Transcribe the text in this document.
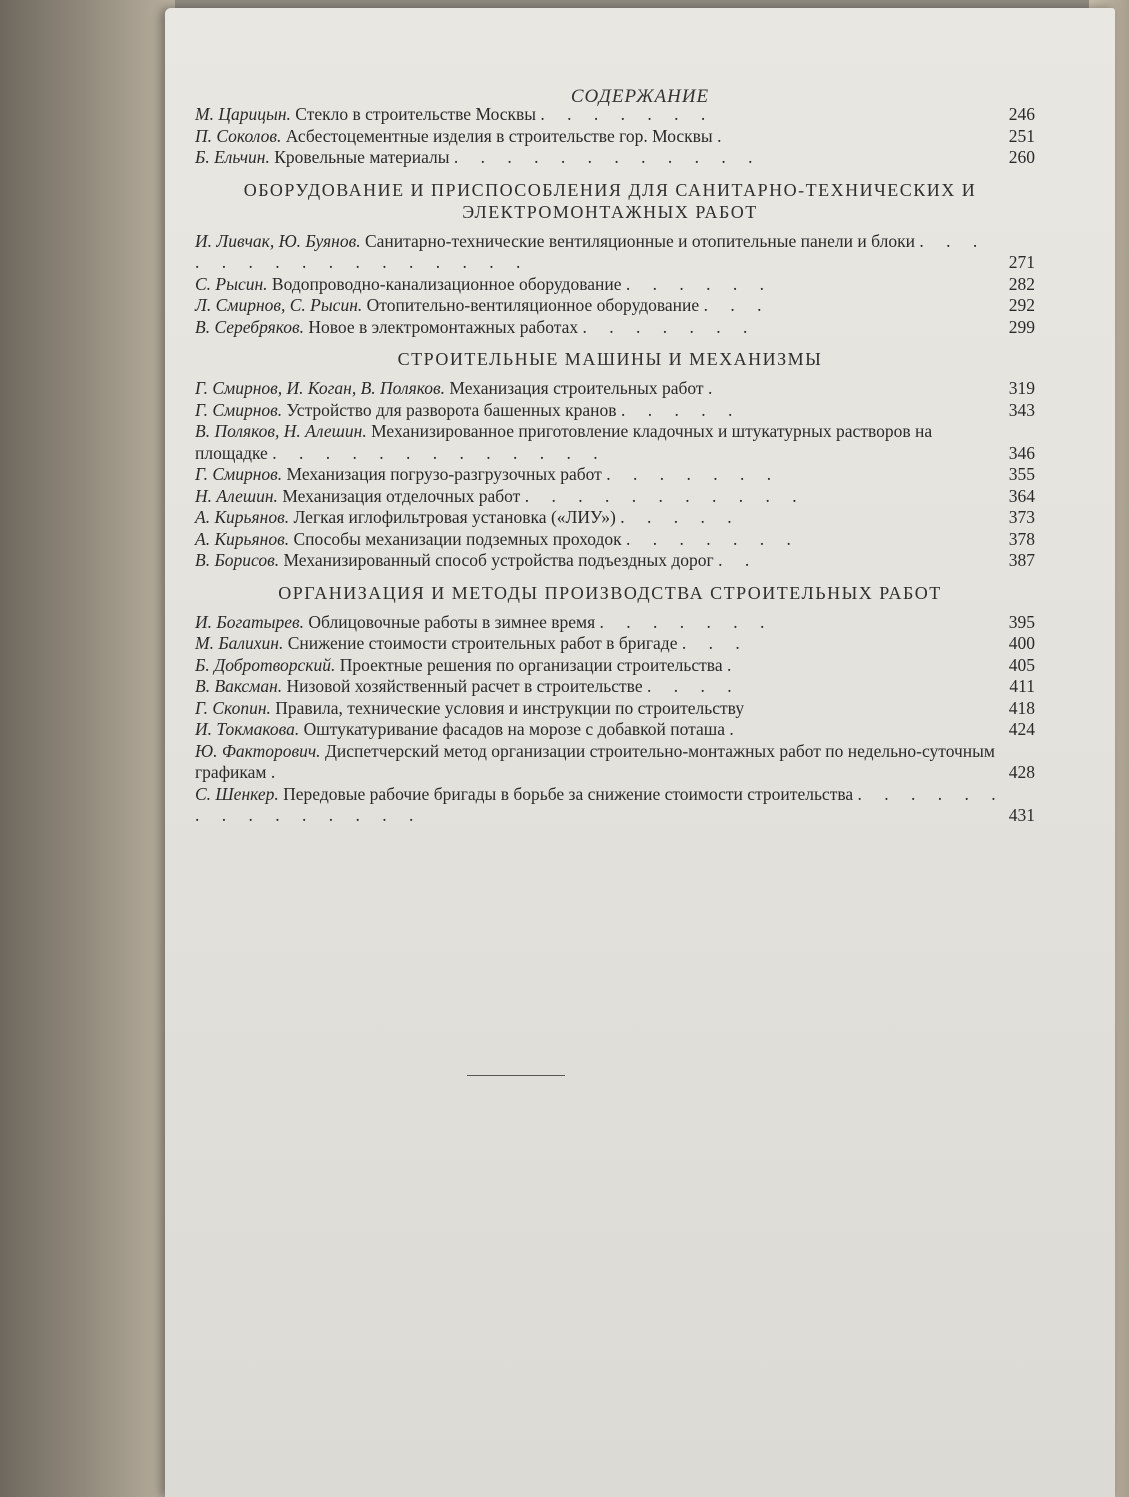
СОДЕРЖАНИЕ
М. Царицын. Стекло в строительстве Москвы . . . . . . .	246
П. Соколов. Асбестоцементные изделия в строительстве гор. Москвы .	251
Б. Ельчин. Кровельные материалы . . . . . . . . . . . .	260
ОБОРУДОВАНИЕ И ПРИСПОСОБЛЕНИЯ ДЛЯ САНИТАРНО-ТЕХНИЧЕСКИХ И ЭЛЕКТРОМОНТАЖНЫХ РАБОТ
И. Ливчак, Ю. Буянов. Санитарно-технические вентиляционные и отопительные панели и блоки . . . . . . . . . . . . . . . .	271
С. Рысин. Водопроводно-канализационное оборудование . . . . . .	282
Л. Смирнов, С. Рысин. Отопительно-вентиляционное оборудование . . .	292
В. Серебряков. Новое в электромонтажных работах . . . . . . .	299
СТРОИТЕЛЬНЫЕ МАШИНЫ И МЕХАНИЗМЫ
Г. Смирнов, И. Коган, В. Поляков. Механизация строительных работ .	319
Г. Смирнов. Устройство для разворота башенных кранов . . . . .	343
В. Поляков, Н. Алешин. Механизированное приготовление кладочных и штукатурных растворов на площадке . . . . . . . . . . . . .	346
Г. Смирнов. Механизация погрузо-разгрузочных работ . . . . . . .	355
Н. Алешин. Механизация отделочных работ . . . . . . . . . . .	364
А. Кирьянов. Легкая иглофильтровая установка («ЛИУ») . . . . .	373
А. Кирьянов. Способы механизации подземных проходок . . . . . . .	378
В. Борисов. Механизированный способ устройства подъездных дорог . .	387
ОРГАНИЗАЦИЯ И МЕТОДЫ ПРОИЗВОДСТВА СТРОИТЕЛЬНЫХ РАБОТ
И. Богатырев. Облицовочные работы в зимнее время . . . . . . .	395
М. Балихин. Снижение стоимости строительных работ в бригаде . . .	400
Б. Добротворский. Проектные решения по организации строительства .	405
В. Ваксман. Низовой хозяйственный расчет в строительстве . . . .	411
Г. Скопин. Правила, технические условия и инструкции по строительству	418
И. Токмакова. Оштукатуривание фасадов на морозе с добавкой поташа .	424
Ю. Факторович. Диспетчерский метод организации строительно-монтажных работ по недельно-суточным графикам .	428
С. Шенкер. Передовые рабочие бригады в борьбе за снижение стоимости строительства . . . . . . . . . . . . . . .	431
